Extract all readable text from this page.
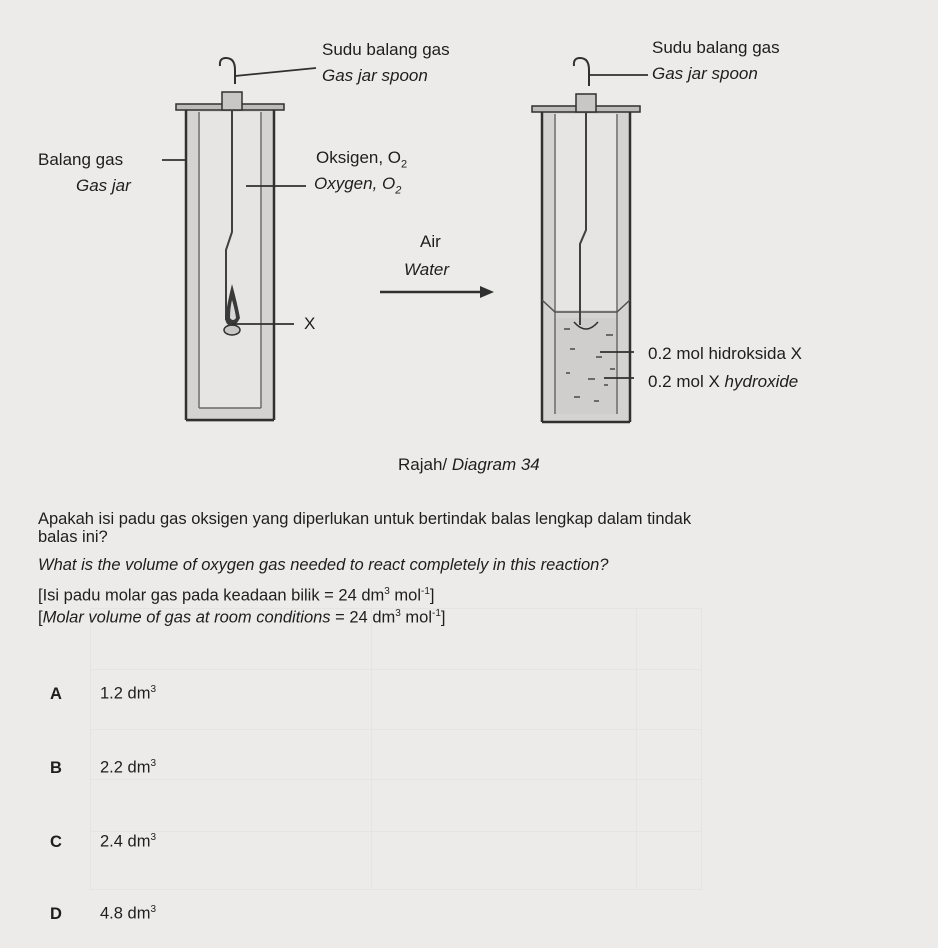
Sudu balang gas
Gas jar spoon
Balang gas
Gas jar
Oksigen, $O_2$
Oxygen, $O_2$
X
Air
Water
Sudu balang gas
Gas jar spoon
0.2 mol hidroksida X
0.2 mol X hydroxide
Rajah/ Diagram 34
Apakah isi padu gas oksigen yang diperlukan untuk bertindak balas lengkap dalam tindak
balas ini?
What is the volume of oxygen gas needed to react completely in this reaction?
[Isi padu molar gas pada keadaan bilik = 24 $dm^3$ mol$^{-1}$]
[Molar volume of gas at room conditions = 24 $dm^3$ mol$^{-1}$]
A 1.2 $dm^3$
B 2.2 $dm^3$
C 2.4 $dm^3$
D 4.8 $dm^3$
